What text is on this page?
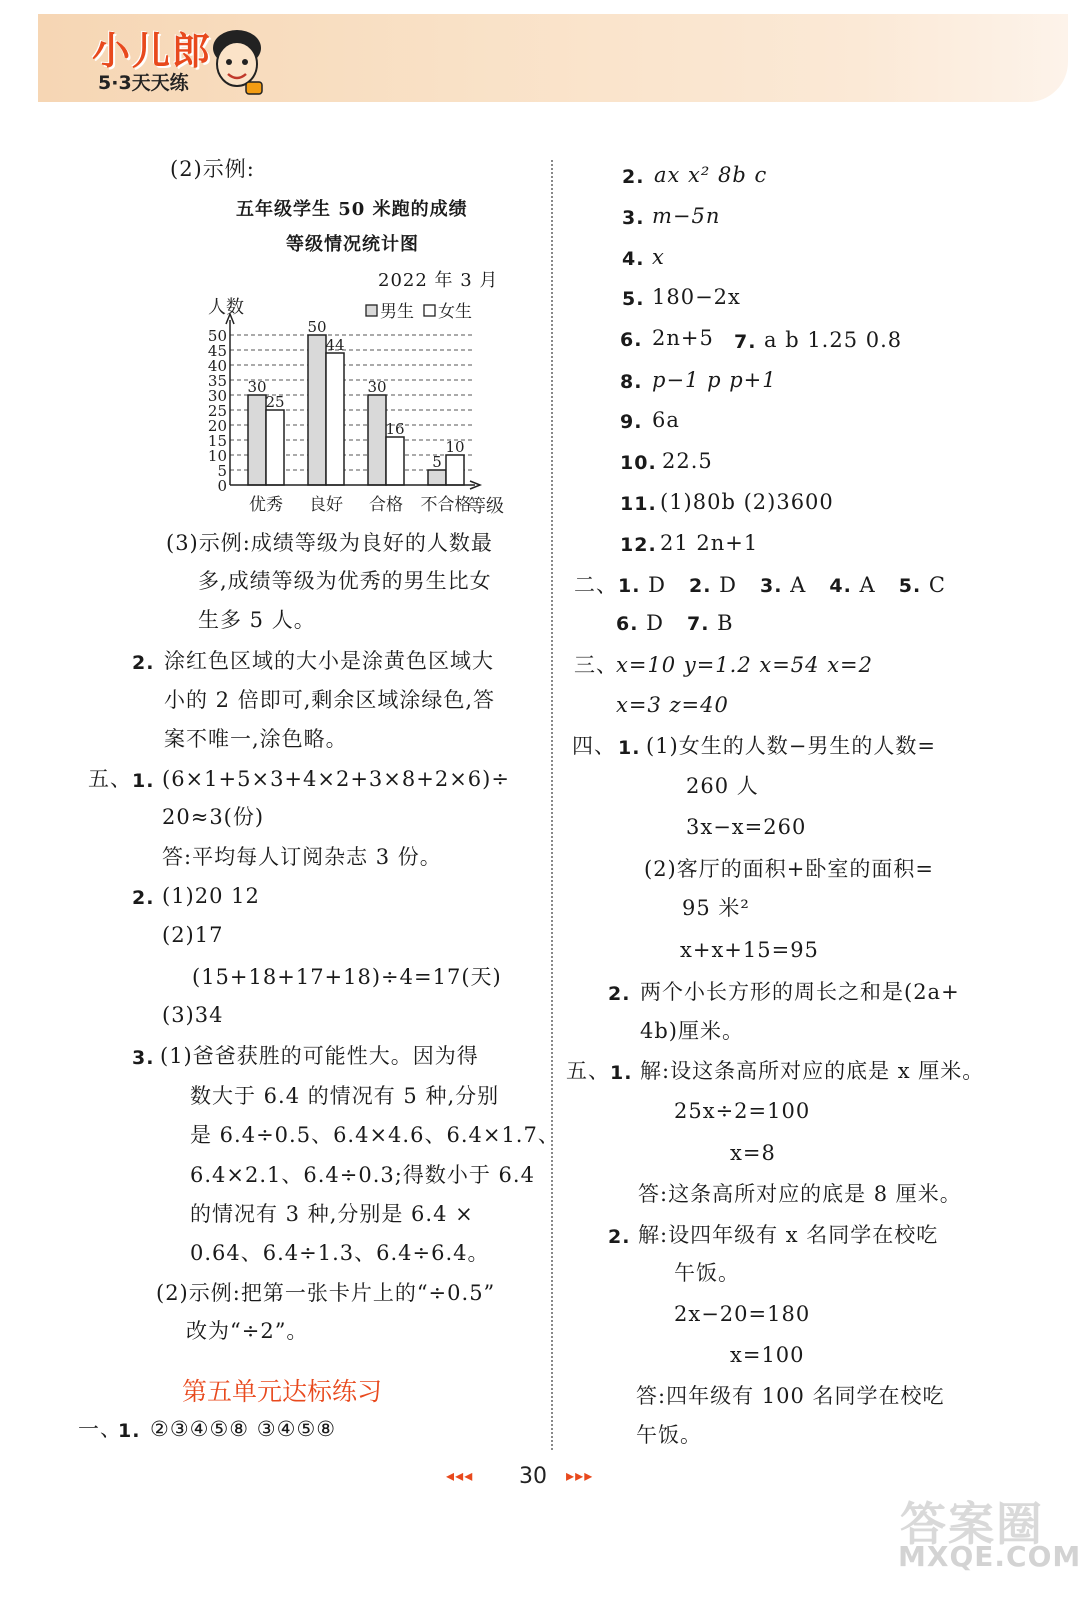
小儿郎
5·3天天练
(2)示例:
五年级学生 50 米跑的成绩
等级情况统计图
2022 年 3 月
人数	男生 女生
0
5
10
15
20
25
30
35
40
45
50
30
25
50
44
30
16
5
10
优秀 良好 合格 不合格
等级
(3)示例:成绩等级为良好的人数最
多,成绩等级为优秀的男生比女
生多 5 人。
2. 涂红色区域的大小是涂黄色区域大
小的 2 倍即可,剩余区域涂绿色,答
案不唯一,涂色略。
五、 1. (6×1+5×3+4×2+3×8+2×6)÷
20≈3(份)
答:平均每人订阅杂志 3 份。
2. (1)20 12
(2)17
(15+18+17+18)÷4=17(天)
(3)34
3. (1)爸爸获胜的可能性大。因为得
数大于 6.4 的情况有 5 种,分别
是 6.4÷0.5、6.4×4.6、6.4×1.7、
6.4×2.1、6.4÷0.3;得数小于 6.4
的情况有 3 种,分别是 6.4 ×
0.64、6.4÷1.3、6.4÷6.4。
(2)示例:把第一张卡片上的“÷0.5”
改为“÷2”。
第五单元达标练习
一、
1. ②③④⑤⑧ ③④⑤⑧
2. ax x² 8b c
3. m−5n
4. x
5. 180−2x
6. 2n+5 7. a b 1.25 0.8
8. p−1 p p+1
9. 6a
10. 22.5
11. (1)80b (2)3600
12. 21 2n+1
二、 1. D 2. D 3. A 4. A 5. C
6. D 7. B
三、
x=10 y=1.2 x=54 x=2
x=3 z=40
四、 1. (1)女生的人数−男生的人数=
260 人
3x−x=260
(2)客厅的面积+卧室的面积=
95 米²
x+x+15=95
2. 两个小长方形的周长之和是(2a+
4b)厘米。
五、 1. 解:设这条高所对应的底是 x 厘米。
25x÷2=100
x=8
答:这条高所对应的底是 8 厘米。
2. 解:设四年级有 x 名同学在校吃
午饭。
2x−20=180
x=100
答:四年级有 100 名同学在校吃
午饭。
◂ ◂ ◂ 30 ▸ ▸ ▸
答案圈
MXQE.COM
